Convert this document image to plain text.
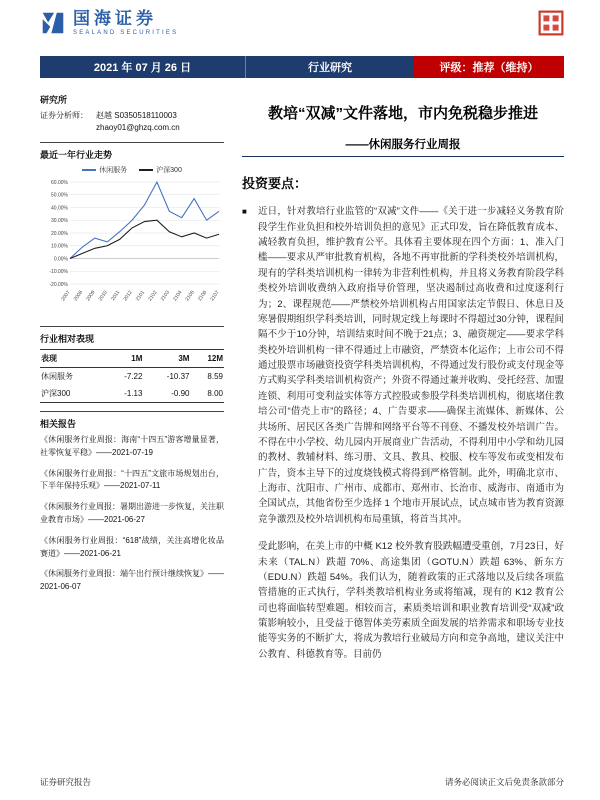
国海证券
SEALAND SECURITIES
2021 年 07 月 26 日	行业研究	评级：推荐（维持）
研究所
证券分析师： 赵越 S0350518110003
zhaoy01@ghzq.com.cn
最近一年行业走势
休闲服务	沪深300
-20.00%
-10.00%
0.00%
10.00%
20.00%
30.00%
40.00%
50.00%
60.00%
2007 2008 2009 2010 2011 2012 2101 2102 2103 2104 2105 2106 2107
行业相对表现
表现	1M	3M	12M
休闲服务	-7.22	-10.37	8.59
沪深300	-1.13	-0.90	8.00
相关报告
《休闲服务行业周报：海南“十四五”游客增量显著，社零恢复平稳》——2021-07-19
《休闲服务行业周报：“十四五”文旅市场规划出台，下半年保持乐观》——2021-07-11
《休闲服务行业周报：暑期出游进一步恢复，关注职业教育市场》——2021-06-27
《休闲服务行业周报：“618”战绩，关注高增化妆品赛道》——2021-06-21
《休闲服务行业周报：端午出行预计继续恢复》——2021-06-07
教培“双减”文件落地，市内免税稳步推进
——休闲服务行业周报
投资要点：
■	近日，针对教培行业监管的“双减”文件——《关于进一步减轻义务教育阶段学生作业负担和校外培训负担的意见》正式印发，旨在降低教育成本、减轻教育负担，维护教育公平。具体看主要体现在四个方面：1、准入门槛——要求从严审批教育机构，各地不再审批新的学科类校外培训机构，现有的学科类培训机构一律转为非营利性机构，并且将义务教育阶段学科类校外培训收费纳入政府指导价管理，坚决遏制过高收费和过度逐利行为；2、课程规范——严禁校外培训机构占用国家法定节假日、休息日及寒暑假期组织学科类培训，同时规定线上每课时不得超过30分钟，课程间隔不少于10分钟，培训结束时间不晚于21点；3、融资规定——要求学科类校外培训机构一律不得通过上市融资，严禁资本化运作；上市公司不得通过股票市场融资投资学科类培训机构，不得通过发行股份或支付现金等方式购买学科类培训机构资产；外资不得通过兼并收购、受托经营、加盟连锁、利用可变利益实体等方式控股或参股学科类培训机构，彻底堵住教培公司“借壳上市”的路径；4、广告要求——确保主流媒体、新媒体、公共场所、居民区各类广告牌和网络平台等不刊登、不播发校外培训广告。不得在中小学校、幼儿园内开展商业广告活动，不得利用中小学和幼儿园的教材、教辅材料、练习册、文具、教具、校服、校车等发布或变相发布广告，资本主导下的过度烧钱模式将得到严格管制。此外，明确北京市、上海市、沈阳市、广州市、成都市、郑州市、长治市、威海市、南通市为全国试点，其他省份至少选择 1 个地市开展试点，试点城市皆为教育资源竞争激烈及校外培训机构布局重镇，将首当其冲。
受此影响，在美上市的中概 K12 校外教育股跌幅遭受重创，7月23日，好未来（TAL.N）跌超 70%、高途集团（GOTU.N）跌超 63%、新东方（EDU.N）跌超 54%。我们认为，随着政策的正式落地以及后续各项监管措施的正式执行，学科类教培机构业务或将缩减，现有的 K12 教育公司也将面临转型难题。相较而言，素质类培训和职业教育培训受“双减”政策影响较小，且受益于德智体美劳素质全面发展的培养需求和职场专业技能等实务的不断扩大，将成为教培行业破局方向和竞争高地，建议关注中公教育、科德教育等。目前仍
证券研究报告	请务必阅读正文后免责条款部分
